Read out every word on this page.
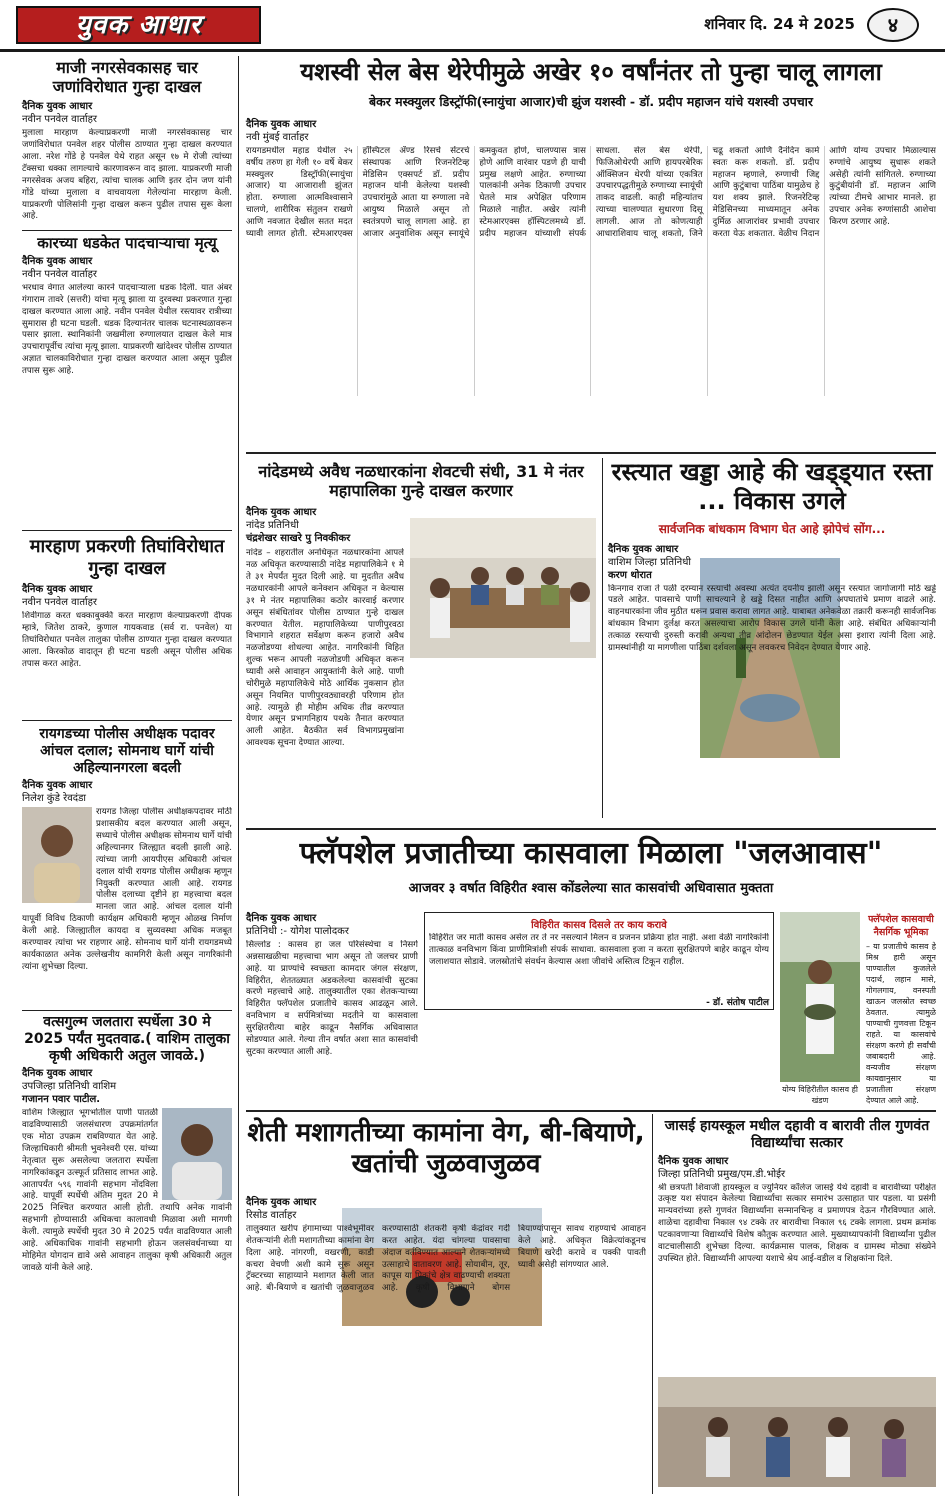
युवक आधार	शनिवार दि. 24 मे 2025	४
माजी नगरसेवकासह चार जणांविरोधात गुन्हा दाखल
दैनिक युवक आधार
नवीन पनवेल वार्ताहर
मुलाला मारहाण केल्याप्रकरणी माजी नगरसेवकासह चार जणांविरोधात पनवेल शहर पोलीस ठाण्यात गुन्हा दाखल करण्यात आला. नरेश गोंडे हे पनवेल येथे राहत असून १७ मे रोजी त्यांच्या टॅक्सचा धक्का लागल्याचे कारणावरून वाद झाला. याप्रकरणी माजी नगरसेवक अजय बहिरा, त्यांचा चालक आणि इतर दोन जण यांनी गोंडे यांच्या मुलाला व वाचवायला गेलेल्यांना मारहाण केली. याप्रकरणी पोलिसांनी गुन्हा दाखल करून पुढील तपास सुरू केला आहे.
कारच्या धडकेत पादचाऱ्याचा मृत्यू
दैनिक युवक आधार
नवीन पनवेल वार्ताहर
भरधाव वेगात आलेल्या कारने पादचाऱ्याला धडक दिली. यात अंबर गंगाराम तावरे (सत्तरी) यांचा मृत्यू झाला या दुरवस्था प्रकरणात गुन्हा दाखल करण्यात आला आहे. नवीन पनवेल येथील रस्त्यावर रात्रीच्या सुमारास ही घटना घडली. धडक दिल्यानंतर चालक घटनास्थळावरून पसार झाला. स्थानिकांनी जखमीला रुग्णालयात दाखल केले मात्र उपचारापूर्वीच त्यांचा मृत्यू झाला. याप्रकरणी खांदेश्वर पोलीस ठाण्यात अज्ञात चालकाविरोधात गुन्हा दाखल करण्यात आला असून पुढील तपास सुरू आहे.
मारहाण प्रकरणी तिघांविरोधात गुन्हा दाखल
दैनिक युवक आधार
नवीन पनवेल वार्ताहर
शिवीगाळ करत धक्काबुक्की करत मारहाण केल्याप्रकरणी दीपक म्हात्रे, जितेश ठाकरे, कुणाल गायकवाड (सर्व रा. पनवेल) या तिघांविरोधात पनवेल तालुका पोलीस ठाण्यात गुन्हा दाखल करण्यात आला. किरकोळ वादातून ही घटना घडली असून पोलीस अधिक तपास करत आहेत.
रायगडच्या पोलीस अधीक्षक पदावर आंचल दलाल; सोमनाथ घार्गे यांची अहिल्यानगरला बदली
दैनिक युवक आधार
निलेश कुंडे रेवदंडा
रायगड जिल्हा पोलीस अधीक्षकपदावर मोठी प्रशासकीय बदल करण्यात आली असून, सध्याचे पोलीस अधीक्षक सोमनाथ घार्गे यांची अहिल्यानगर जिल्ह्यात बदली झाली आहे. त्यांच्या जागी आयपीएस अधिकारी आंचल दलाल यांची रायगड पोलीस अधीक्षक म्हणून नियुक्ती करण्यात आली आहे. रायगड पोलीस दलाच्या दृष्टीने हा महत्त्वाचा बदल मानला जात आहे. आंचल दलाल यांनी यापूर्वी विविध ठिकाणी कार्यक्षम अधिकारी म्हणून ओळख निर्माण केली आहे. जिल्ह्यातील कायदा व सुव्यवस्था अधिक मजबूत करण्यावर त्यांचा भर राहणार आहे. सोमनाथ घार्गे यांनी रायगडमध्ये कार्यकाळात अनेक उल्लेखनीय कामगिरी केली असून नागरिकांनी त्यांना शुभेच्छा दिल्या.
वत्सगुल्म जलतारा स्पर्धेला 30 मे 2025 पर्यंत मुदतवाढ.( वाशिम तालुका कृषी अधिकारी अतुल जावळे.)
दैनिक युवक आधार
उपजिल्हा प्रतिनिधी वाशिम
गजानन पवार पाटील.
वाशिम जिल्ह्यात भूगर्भातील पाणी पातळी वाढविण्यासाठी जलसंधारण उपक्रमांतर्गत एक मोठा उपक्रम राबविण्यात येत आहे. जिल्हाधिकारी श्रीमती भुवनेश्वरी एस. यांच्या नेतृत्वात सुरू असलेल्या जलतारा स्पर्धेला नागरिकांकडून उत्स्फूर्त प्रतिसाद लाभत आहे. आतापर्यंत ५९६ गावांनी सहभाग नोंदविला आहे. यापूर्वी स्पर्धेची अंतिम मुदत 20 मे 2025 निश्चित करण्यात आली होती. तथापि अनेक गावांनी सहभागी होण्यासाठी अधिकचा कालावधी मिळावा अशी मागणी केली. त्यामुळे स्पर्धेची मुदत 30 मे 2025 पर्यंत वाढविण्यात आली आहे. अधिकाधिक गावांनी सहभागी होऊन जलसंवर्धनाच्या या मोहिमेत योगदान द्यावे असे आवाहन तालुका कृषी अधिकारी अतुल जावळे यांनी केले आहे.
यशस्वी सेल बेस थेरेपीमुळे अखेर १० वर्षांनंतर तो पुन्हा चालू लागला
बेकर मस्क्युलर डिस्ट्रॉफी(स्नायुंचा आजार)ची झुंज यशस्वी - डॉ. प्रदीप महाजन यांचे यशस्वी उपचार
दैनिक युवक आधार
नवी मुंबई वार्ताहर
रायगडमधील महाड येथील २५ वर्षीय तरुण हा गेली १० वर्षे बेकर मस्क्युलर डिस्ट्रॉफी(स्नायुंचा आजार) या आजाराशी झुंजत होता. रुग्णाला आत्मविश्वासाने चालणे, शारीरिक संतुलन राखणे आणि नवजात देखील सतत मदत घ्यावी लागत होती. स्टेमआरएक्स हॉस्पिटल ॲण्ड रिसर्च सेंटरचे संस्थापक आणि रिजनरेटिव्ह मेडिसिन एक्सपर्ट डॉ. प्रदीप महाजन यांनी केलेल्या यशस्वी उपचारांमुळे आता या रुग्णाला नवे आयुष्य मिळाले असून तो स्वतंत्रपणे चालू लागला आहे. हा आजार अनुवांशिक असून स्नायूंचे कमकुवत होणे, चालण्यास त्रास होणे आणि वारंवार पडणे ही याची प्रमुख लक्षणे आहेत. रुग्णाच्या पालकांनी अनेक ठिकाणी उपचार घेतले मात्र अपेक्षित परिणाम मिळाले नाहीत. अखेर त्यांनी स्टेमआरएक्स हॉस्पिटलमध्ये डॉ. प्रदीप महाजन यांच्याशी संपर्क साधला. सेल बेस थेरेपी, फिजिओथेरपी आणि हायपरबेरिक ऑक्सिजन थेरपी यांच्या एकत्रित उपचारपद्धतीमुळे रुग्णाच्या स्नायूंची ताकद वाढली. काही महिन्यांतच त्याच्या चालण्यात सुधारणा दिसू लागली. आज तो कोणत्याही आधाराशिवाय चालू शकतो, जिने चढू शकतो आणि दैनंदिन कामे स्वतः करू शकतो. डॉ. प्रदीप महाजन म्हणाले, रुग्णाची जिद्द आणि कुटुंबाचा पाठिंबा यामुळेच हे यश शक्य झाले. रिजनरेटिव्ह मेडिसिनच्या माध्यमातून अनेक दुर्मिळ आजारांवर प्रभावी उपचार करता येऊ शकतात. वेळीच निदान आणि योग्य उपचार मिळाल्यास रुग्णांचे आयुष्य सुधारू शकते असेही त्यांनी सांगितले. रुग्णाच्या कुटुंबीयांनी डॉ. महाजन आणि त्यांच्या टीमचे आभार मानले. हा उपचार अनेक रुग्णांसाठी आशेचा किरण ठरणार आहे.
नांदेडमध्ये अवैध नळधारकांना शेवटची संधी, 31 मे नंतर महापालिका गुन्हे दाखल करणार
दैनिक युवक आधार
नांदेड प्रतिनिधी
चंद्रशेखर साखरे पु निवकीकर
नांदेड – शहरातील अनधिकृत नळधारकांना आपले नळ अधिकृत करण्यासाठी नांदेड महापालिकेने १ मे ते ३१ मेपर्यंत मुदत दिली आहे. या मुदतीत अवैध नळधारकांनी आपले कनेक्शन अधिकृत न केल्यास ३१ मे नंतर महापालिका कठोर कारवाई करणार असून संबंधितांवर पोलीस ठाण्यात गुन्हे दाखल करण्यात येतील. महापालिकेच्या पाणीपुरवठा विभागाने शहरात सर्वेक्षण करून हजारो अवैध नळजोडण्या शोधल्या आहेत. नागरिकांनी विहित शुल्क भरून आपली नळजोडणी अधिकृत करून घ्यावी असे आवाहन आयुक्तांनी केले आहे. पाणी चोरीमुळे महापालिकेचे मोठे आर्थिक नुकसान होत असून नियमित पाणीपुरवठ्यावरही परिणाम होत आहे. त्यामुळे ही मोहीम अधिक तीव्र करण्यात येणार असून प्रभागनिहाय पथके तैनात करण्यात आली आहेत. बैठकीत सर्व विभागप्रमुखांना आवश्यक सूचना देण्यात आल्या.
रस्त्यात खड्डा आहे की खड्ड्यात रस्ता ... विकास उगले
सार्वजनिक बांधकाम विभाग घेत आहे झोपेचं सोंग...
दैनिक युवक आधार
वाशिम जिल्हा प्रतिनिधी
करण थोरात
किनगाव राजा ते पळी दरम्यान रस्त्याची अवस्था अत्यंत दयनीय झाली असून रस्त्यात जागोजागी मोठे खड्डे पडले आहेत. पावसाचे पाणी साचल्याने हे खड्डे दिसत नाहीत आणि अपघातांचे प्रमाण वाढले आहे. वाहनधारकांना जीव मुठीत धरून प्रवास करावा लागत आहे. याबाबत अनेकवेळा तक्रारी करूनही सार्वजनिक बांधकाम विभाग दुर्लक्ष करत असल्याचा आरोप विकास उगले यांनी केला आहे. संबंधित अधिकाऱ्यांनी तत्काळ रस्त्याची दुरुस्ती करावी अन्यथा तीव्र आंदोलन छेडण्यात येईल असा इशारा त्यांनी दिला आहे. ग्रामस्थांनीही या मागणीला पाठिंबा दर्शवला असून लवकरच निवेदन देण्यात येणार आहे.
फ्लॅपशेल प्रजातीच्या कासवाला मिळाला "जलआवास"
आजवर ३ वर्षात विहिरीत श्वास कोंडलेल्या सात कासवांची अधिवासात मुक्तता
दैनिक युवक आधार
प्रतिनिधी :- योगेश पालोदकर
सिल्लोड : कासव हा जल परिसंस्थेचा व निसर्ग अन्नसाखळीचा महत्त्वाचा भाग असून तो जलचर प्राणी आहे. या प्राण्यांचे स्वच्छता कामदार जंगल संरक्षण, विहिरीत, शेततळ्यात अडकलेल्या कासवांची सुटका करणे महत्त्वाचे आहे. तालुक्यातील एका शेतकऱ्याच्या विहिरीत फ्लॅपशेल प्रजातीचे कासव आढळून आले. वनविभाग व सर्पमित्रांच्या मदतीने या कासवाला सुरक्षितरीत्या बाहेर काढून नैसर्गिक अधिवासात सोडण्यात आले. गेल्या तीन वर्षात अशा सात कासवांची सुटका करण्यात आली आहे.
विहिरीत कासव दिसले तर काय करावे
विहिरीत जर माती कासव असेल तर ते नर नसल्याने मिलन व प्रजनन प्रक्रिया होत नाही. अशा वेळी नागरिकांनी तात्काळ वनविभाग किंवा प्राणीमित्रांशी संपर्क साधावा. कासवाला इजा न करता सुरक्षितपणे बाहेर काढून योग्य जलाशयात सोडावे. जलस्रोतांचे संवर्धन केल्यास अशा जीवांचे अस्तित्व टिकून राहील.
- डॉ. संतोष पाटील
योग्य विहिरीतील कासव ही खंडण
फ्लॅपशेल कासवाची नैसर्गिक भूमिका
– या प्रजातीचे कासव हे मिश्र हारी असून पाण्यातील कुजलेले पदार्थ, लहान मासे, गोगलगाय, वनस्पती खाऊन जलस्रोत स्वच्छ ठेवतात. त्यामुळे पाण्याची गुणवत्ता टिकून राहते. या कासवांचे संरक्षण करणे ही सर्वांची जबाबदारी आहे. वन्यजीव संरक्षण कायद्यानुसार या प्रजातीला संरक्षण देण्यात आले आहे.
शेती मशागतीच्या कामांना वेग, बी-बियाणे, खतांची जुळवाजुळव
दैनिक युवक आधार
रिसोड वार्ताहर
तालुक्यात खरीप हंगामाच्या पार्श्वभूमीवर शेतकऱ्यांनी शेती मशागतीच्या कामांना वेग दिला आहे. नांगरणी, वखरणी, काडी कचरा वेचणी अशी कामे सुरू असून ट्रॅक्टरच्या साहाय्याने मशागत केली जात आहे. बी-बियाणे व खतांची जुळवाजुळव करण्यासाठी शेतकरी कृषी केंद्रांवर गर्दी करत आहेत. यंदा चांगल्या पावसाचा अंदाज वर्तविण्यात आल्याने शेतकऱ्यांमध्ये उत्साहाचे वातावरण आहे. सोयाबीन, तूर, कापूस या पिकांचे क्षेत्र वाढण्याची शक्यता आहे. कृषी विभागाने बोगस बियाण्यांपासून सावध राहण्याचे आवाहन केले आहे. अधिकृत विक्रेत्यांकडूनच बियाणे खरेदी करावे व पक्की पावती घ्यावी असेही सांगण्यात आले.
जासई हायस्कूल मधील दहावी व बारावी तील गुणवंत विद्यार्थ्यांचा सत्कार
दैनिक युवक आधार
जिल्हा प्रतिनिधी प्रमुख/एम.डी.भोईर
श्री छत्रपती शिवाजी हायस्कूल व ज्युनियर कॉलेज जासई येथे दहावी व बारावीच्या परीक्षेत उत्कृष्ट यश संपादन केलेल्या विद्यार्थ्यांचा सत्कार समारंभ उत्साहात पार पडला. या प्रसंगी मान्यवरांच्या हस्ते गुणवंत विद्यार्थ्यांना सन्मानचिन्ह व प्रमाणपत्र देऊन गौरविण्यात आले. शाळेचा दहावीचा निकाल ९४ टक्के तर बारावीचा निकाल ९६ टक्के लागला. प्रथम क्रमांक पटकावणाऱ्या विद्यार्थ्यांचे विशेष कौतुक करण्यात आले. मुख्याध्यापकांनी विद्यार्थ्यांना पुढील वाटचालीसाठी शुभेच्छा दिल्या. कार्यक्रमास पालक, शिक्षक व ग्रामस्थ मोठ्या संख्येने उपस्थित होते. विद्यार्थ्यांनी आपल्या यशाचे श्रेय आई-वडील व शिक्षकांना दिले.
